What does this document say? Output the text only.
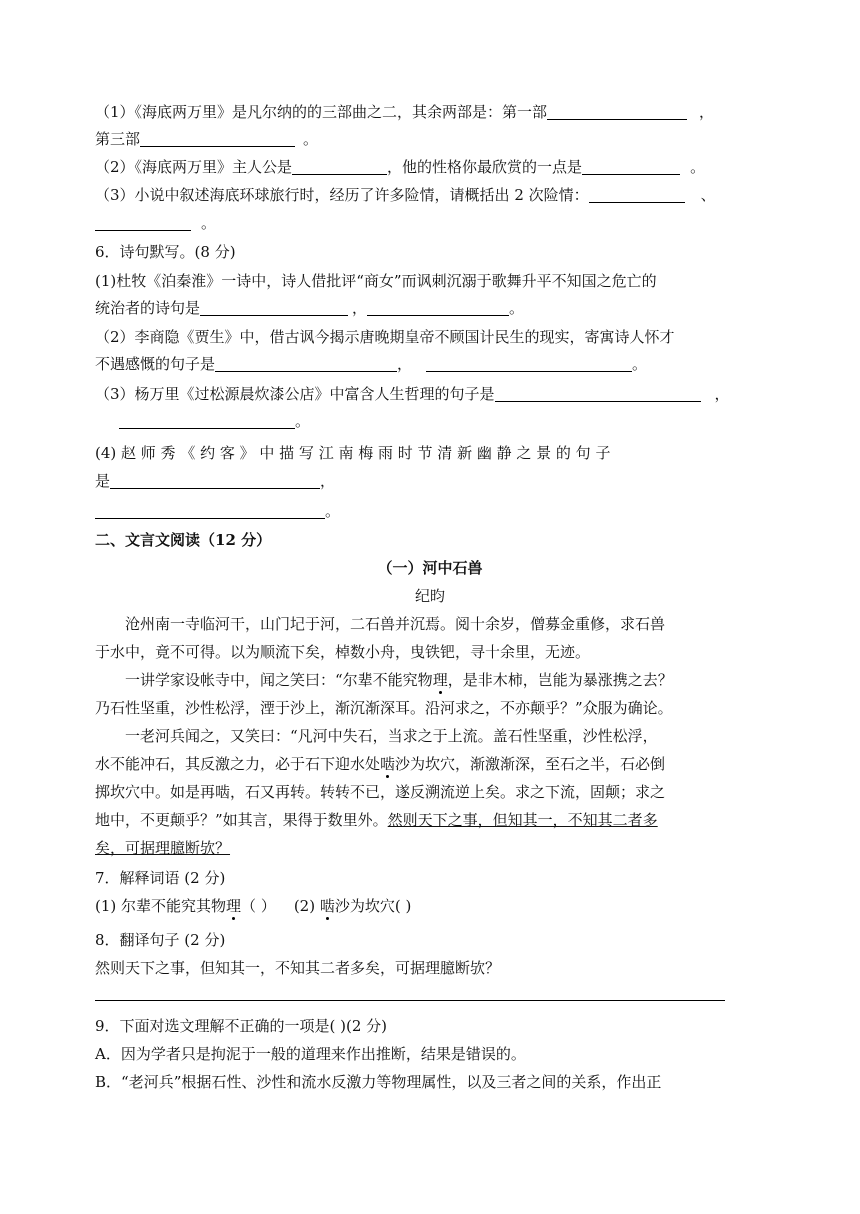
（1）《海底两万里》是凡尔纳的的三部曲之二，其余两部是：第一部	，
第三部	。
（2）《海底两万里》主人公是	，他的性格你最欣赏的一点是	。
（3）小说中叙述海底环球旅行时，经历了许多险情，请概括出 2 次险情：	、
。
6．诗句默写。(8 分)
(1)杜牧《泊秦淮》一诗中，诗人借批评“商女”而讽刺沉溺于歌舞升平不知国之危亡的
统治者的诗句是	，	。
（2）李商隐《贾生》中，借古讽今揭示唐晚期皇帝不顾国计民生的现实，寄寓诗人怀才
不遇感慨的句子是	，	。
（3）杨万里《过松源晨炊漆公店》中富含人生哲理的句子是	，
。
(4) 赵 师 秀 《 约 客 》 中 描 写 江 南 梅 雨 时 节 清 新 幽 静 之 景 的 句 子
是	，
。
二、文言文阅读（12 分）
（一）河中石兽
纪昀
沧州南一寺临河干，山门圮于河，二石兽并沉焉。阅十余岁，僧募金重修，求石兽
于水中，竟不可得。以为顺流下矣，棹数小舟，曳铁钯，寻十余里，无迹。
一讲学家设帐寺中，闻之笑曰：“尔辈不能究物理，是非木柿，岂能为暴涨携之去？
乃石性坚重，沙性松浮，湮于沙上，渐沉渐深耳。沿河求之，不亦颠乎？”众服为确论。
一老河兵闻之，又笑曰：“凡河中失石，当求之于上流。盖石性坚重，沙性松浮，
水不能冲石，其反激之力，必于石下迎水处啮沙为坎穴，渐激渐深，至石之半，石必倒
掷坎穴中。如是再啮，石又再转。转转不已，遂反溯流逆上矣。求之下流，固颠；求之
地中，不更颠乎？”如其言，果得于数里外。然则天下之事，但知其一，不知其二者多
矣，可据理臆断欤？
7．解释词语 (2 分)
(1) 尔辈不能究其物理（ ） (2) 啮沙为坎穴( )
8．翻译句子 (2 分)
然则天下之事，但知其一，不知其二者多矣，可据理臆断欤？
9．下面对选文理解不正确的一项是( )(2 分)
A．因为学者只是拘泥于一般的道理来作出推断，结果是错误的。
B．“老河兵”根据石性、沙性和流水反激力等物理属性，以及三者之间的关系，作出正
